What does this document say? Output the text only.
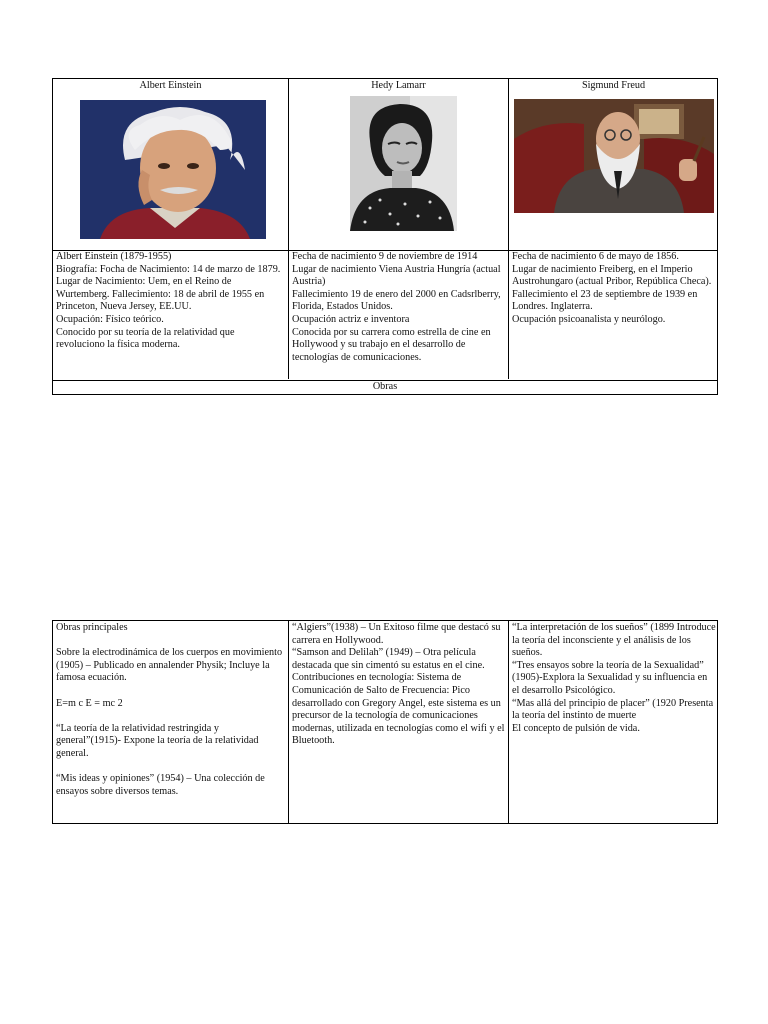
Albert Einstein	Hedy Lamarr	Sigmund Freud
Albert Einstein (1879-1955)
Biografía: Focha de Nacimiento: 14 de marzo de 1879. Lugar de Nacimiento: Uem, en el Reino de Wurtemberg. Fallecimiento: 18 de abril de 1955 en Princeton, Nueva Jersey, EE.UU.
Ocupación: Físico teórico.
Conocido por su teoría de la relatividad que revoluciono la física moderna.
Fecha de nacimiento 9 de noviembre de 1914
Lugar de nacimiento Viena Austria Hungría (actual Austria)
Fallecimiento 19 de enero del 2000 en Cadsrlberry, Florida, Estados Unidos.
Ocupación actriz e inventora
Conocida por su carrera como estrella de cine en Hollywood y su trabajo en el desarrollo de tecnologías de comunicaciones.
Fecha de nacimiento 6 de mayo de 1856.
Lugar de nacimiento Freiberg, en el Imperio Austrohungaro (actual Pribor, República Checa).
Fallecimiento el 23 de septiembre de 1939 en Londres. Inglaterra.
Ocupación psicoanalista y neurólogo.
Obras
Obras principales

Sobre la electrodinámica de los cuerpos en movimiento (1905) – Publicado en annalender Physik; Incluye la famosa ecuación.

E=m c E = mc 2

“La teoría de la relatividad restringida y general”(1915)- Expone la teoría de la relatividad general.

“Mis ideas y opiniones” (1954) – Una colección de ensayos sobre diversos temas.
“Algiers”(1938) – Un Exitoso filme que destacó su carrera en Hollywood.
“Samson and Delilah” (1949) – Otra película destacada que sin cimentó su estatus en el cine.
Contribuciones en tecnología: Sistema de Comunicación de Salto de Frecuencia: Pico desarrollado con Gregory Angel, este sistema es un precursor de la tecnología de comunicaciones modernas, utilizada en tecnologías como el wifi y el Bluetooth.
“La interpretación de los sueños” (1899 Introduce la teoría del inconsciente y el análisis de los sueños.
“Tres ensayos sobre la teoría de la Sexualidad” (1905)-Explora la Sexualidad y su influencia en el desarrollo Psicológico.
“Mas allá del principio de placer” (1920 Presenta la teoría del instinto de muerte
El concepto de pulsión de vida.
